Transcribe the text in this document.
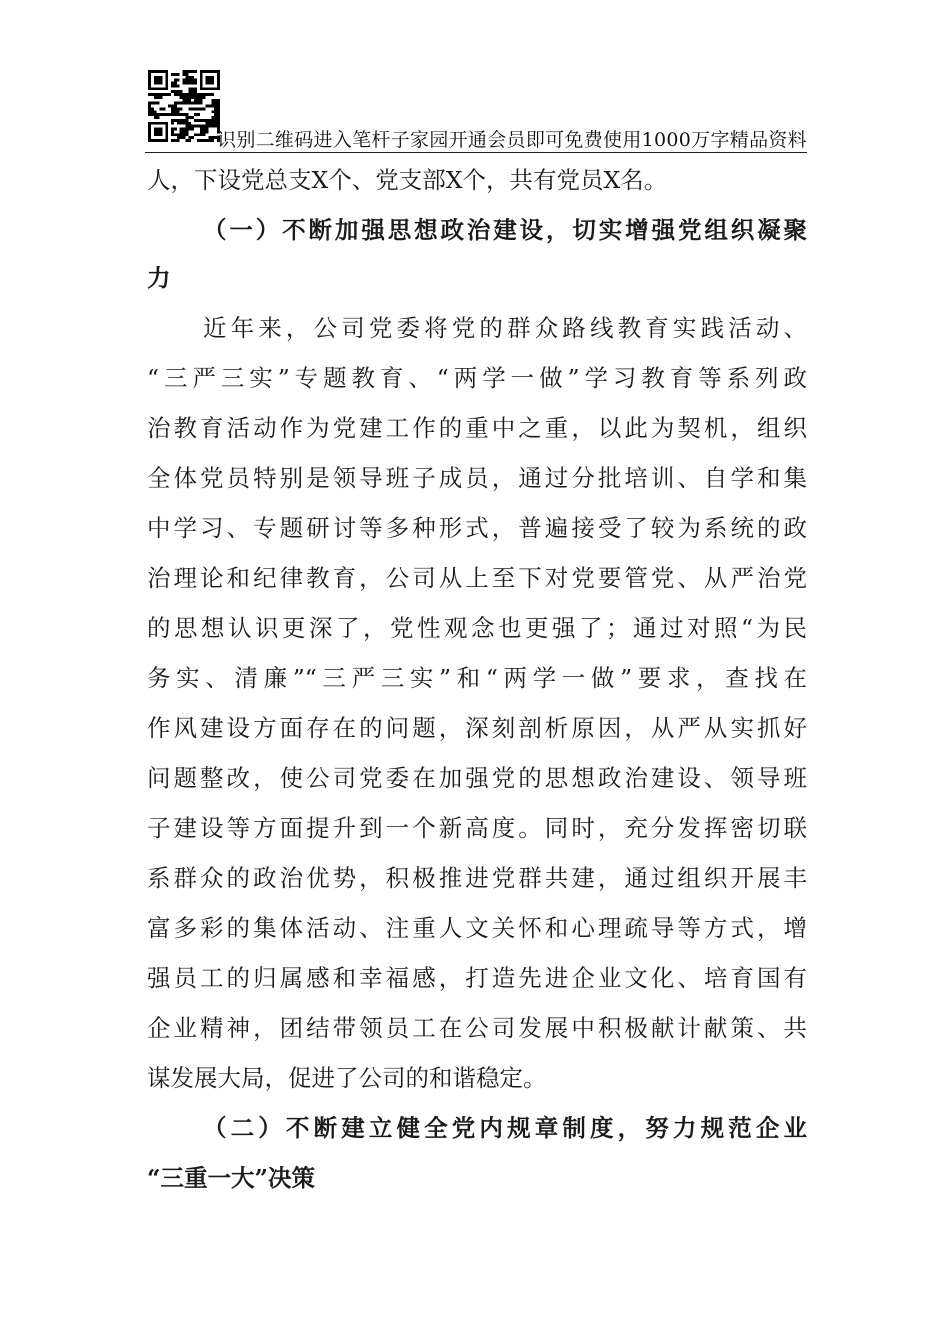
识别二维码进入笔杆子家园开通会员即可免费使用1000万字精品资料
人，下设党总支X个、党支部X个，共有党员X名。
（一）不断加强思想政治建设，切实增强党组织凝聚
力
近年来，公司党委将党的群众路线教育实践活动、
“三严三实”专题教育、“两学一做”学习教育等系列政
治教育活动作为党建工作的重中之重，以此为契机，组织
全体党员特别是领导班子成员，通过分批培训、自学和集
中学习、专题研讨等多种形式，普遍接受了较为系统的政
治理论和纪律教育，公司从上至下对党要管党、从严治党
的思想认识更深了，党性观念也更强了；通过对照“为民
务实、清廉”“三严三实”和“两学一做”要求，查找在
作风建设方面存在的问题，深刻剖析原因，从严从实抓好
问题整改，使公司党委在加强党的思想政治建设、领导班
子建设等方面提升到一个新高度。同时，充分发挥密切联
系群众的政治优势，积极推进党群共建，通过组织开展丰
富多彩的集体活动、注重人文关怀和心理疏导等方式，增
强员工的归属感和幸福感，打造先进企业文化、培育国有
企业精神，团结带领员工在公司发展中积极献计献策、共
谋发展大局，促进了公司的和谐稳定。
（二）不断建立健全党内规章制度，努力规范企业
“三重一大”决策
